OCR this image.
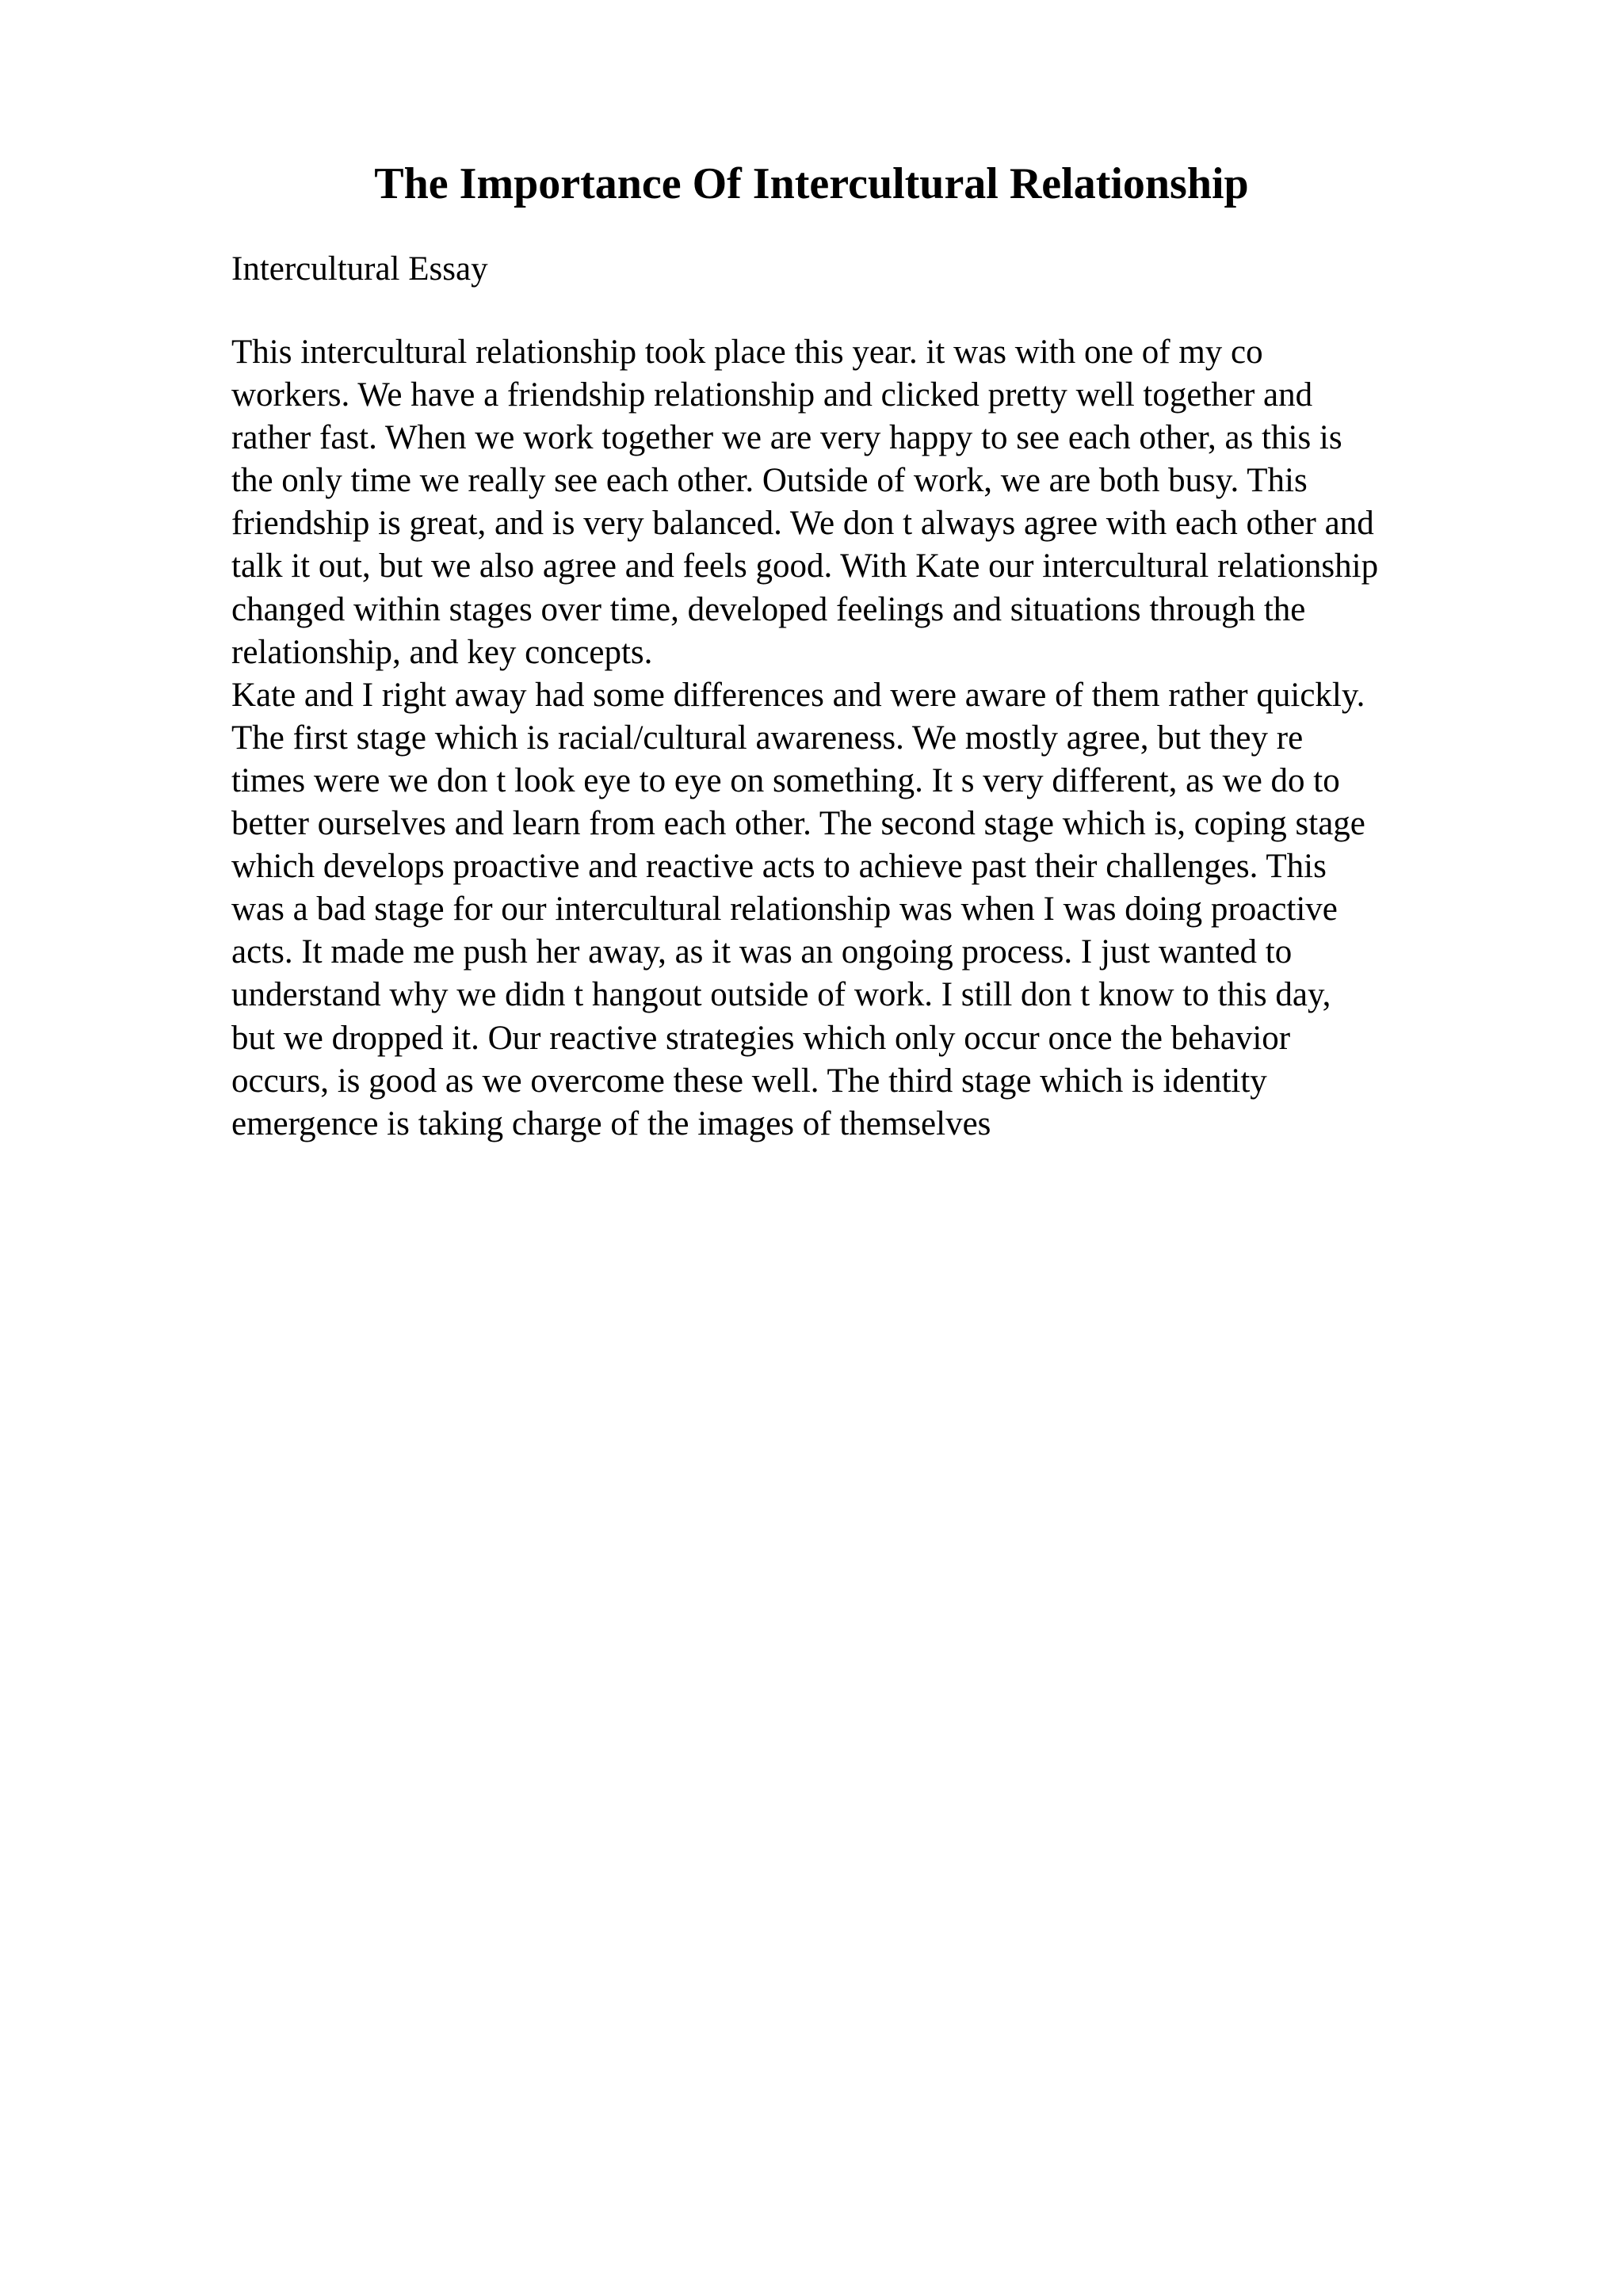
The Importance Of Intercultural Relationship

Intercultural Essay

This intercultural relationship took place this year. it was with one of my co
workers. We have a friendship relationship and clicked pretty well together and
rather fast. When we work together we are very happy to see each other, as this is
the only time we really see each other. Outside of work, we are both busy. This
friendship is great, and is very balanced. We don t always agree with each other and
talk it out, but we also agree and feels good. With Kate our intercultural relationship
changed within stages over time, developed feelings and situations through the
relationship, and key concepts.
Kate and I right away had some differences and were aware of them rather quickly.
The first stage which is racial/cultural awareness. We mostly agree, but they re
times were we don t look eye to eye on something. It s very different, as we do to
better ourselves and learn from each other. The second stage which is, coping stage
which develops proactive and reactive acts to achieve past their challenges. This
was a bad stage for our intercultural relationship was when I was doing proactive
acts. It made me push her away, as it was an ongoing process. I just wanted to
understand why we didn t hangout outside of work. I still don t know to this day,
but we dropped it. Our reactive strategies which only occur once the behavior
occurs, is good as we overcome these well. The third stage which is identity
emergence is taking charge of the images of themselves
